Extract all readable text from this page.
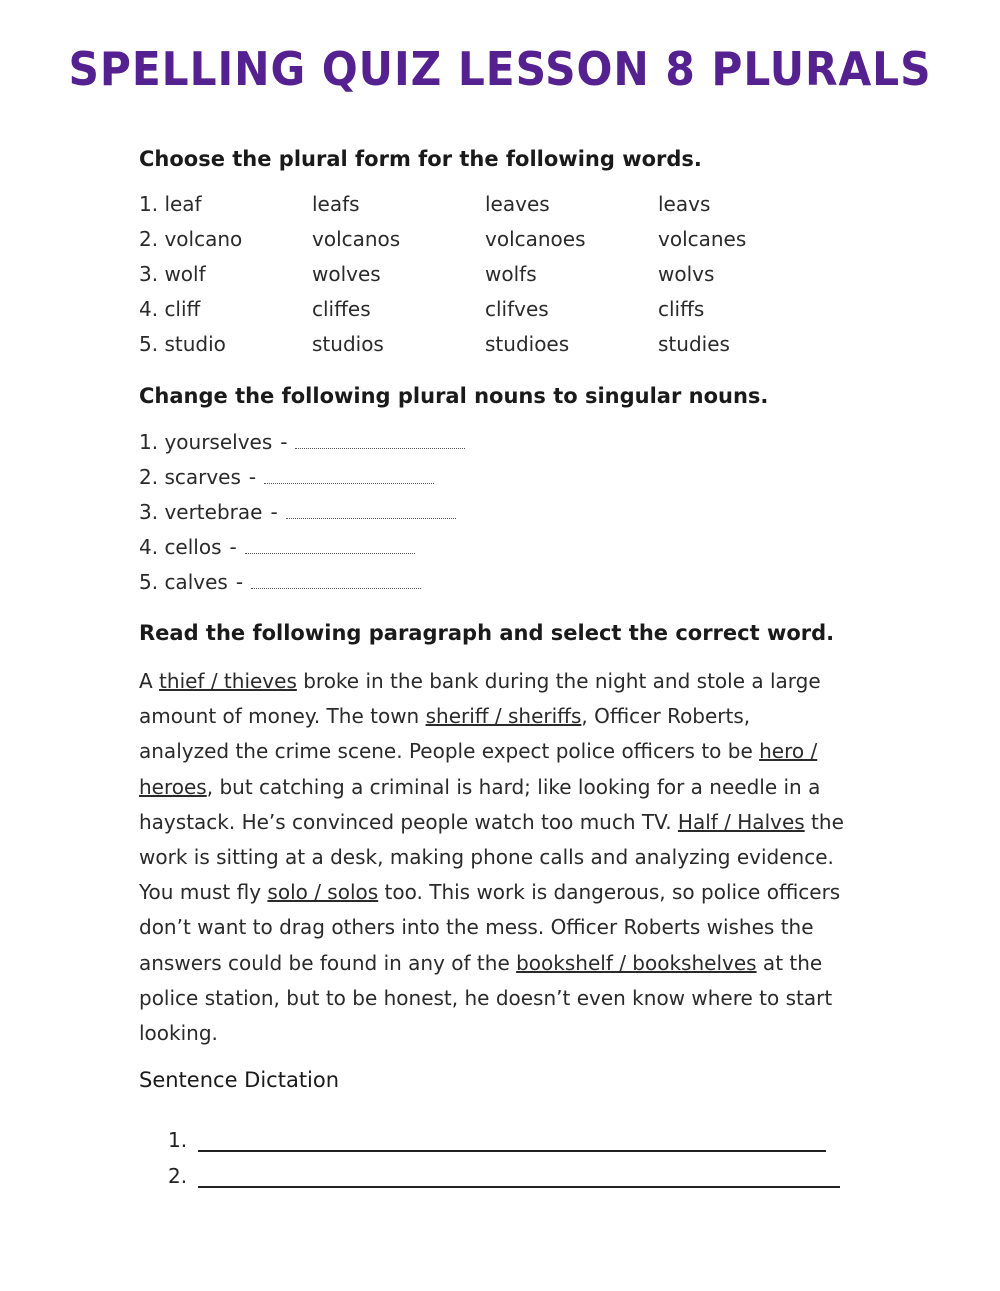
SPELLING QUIZ LESSON 8 PLURALS
Choose the plural form for the following words.
1. leaf	leafs	leaves	leavs
2. volcano	volcanos	volcanoes	volcanes
3. wolf	wolves	wolfs	wolvs
4. cliff	cliffes	clifves	cliffs
5. studio	studios	studioes	studies
Change the following plural nouns to singular nouns.
1. yourselves -
2. scarves -
3. vertebrae -
4. cellos -
5. calves -
Read the following paragraph and select the correct word.
A thief / thieves broke in the bank during the night and stole a large amount of money. The town sheriff / sheriffs, Officer Roberts, analyzed the crime scene. People expect police officers to be hero / heroes, but catching a criminal is hard; like looking for a needle in a haystack. He’s convinced people watch too much TV. Half / Halves the work is sitting at a desk, making phone calls and analyzing evidence. You must fly solo / solos too. This work is dangerous, so police officers don’t want to drag others into the mess. Officer Roberts wishes the answers could be found in any of the bookshelf / bookshelves at the police station, but to be honest, he doesn’t even know where to start looking.
Sentence Dictation
1.
2.
